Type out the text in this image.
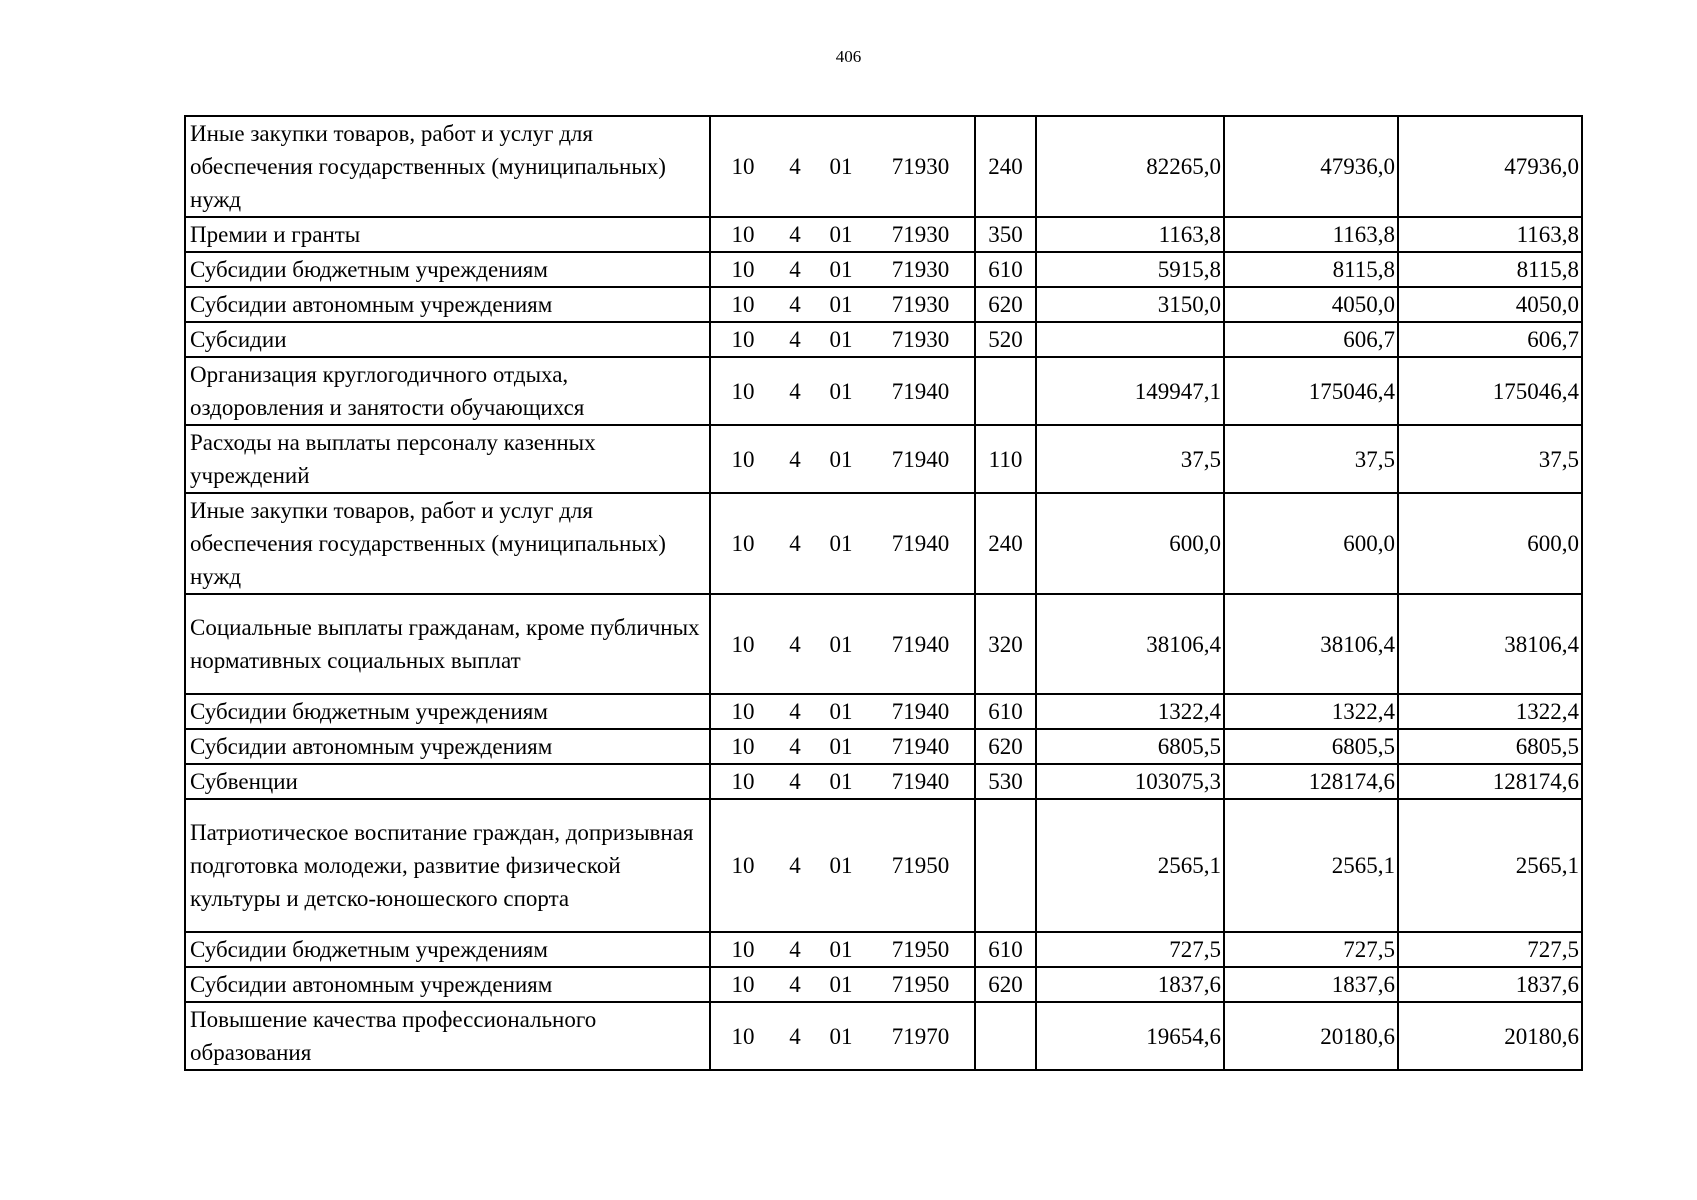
406
Иные закупки товаров, работ и услуг для обеспечения государственных (муниципальных) нужд	10 4 01 71930	240	82265,0	47936,0	47936,0
Премии и гранты	10 4 01 71930	350	1163,8	1163,8	1163,8
Субсидии бюджетным учреждениям	10 4 01 71930	610	5915,8	8115,8	8115,8
Субсидии автономным учреждениям	10 4 01 71930	620	3150,0	4050,0	4050,0
Субсидии	10 4 01 71930	520		606,7	606,7
Организация круглогодичного отдыха, оздоровления и занятости обучающихся	10 4 01 71940		149947,1	175046,4	175046,4
Расходы на выплаты персоналу казенных учреждений	10 4 01 71940	110	37,5	37,5	37,5
Иные закупки товаров, работ и услуг для обеспечения государственных (муниципальных) нужд	10 4 01 71940	240	600,0	600,0	600,0
Социальные выплаты гражданам, кроме публичных нормативных социальных выплат	10 4 01 71940	320	38106,4	38106,4	38106,4
Субсидии бюджетным учреждениям	10 4 01 71940	610	1322,4	1322,4	1322,4
Субсидии автономным учреждениям	10 4 01 71940	620	6805,5	6805,5	6805,5
Субвенции	10 4 01 71940	530	103075,3	128174,6	128174,6
Патриотическое воспитание граждан, допризывная подготовка молодежи, развитие физической культуры и детско-юношеского спорта	10 4 01 71950		2565,1	2565,1	2565,1
Субсидии бюджетным учреждениям	10 4 01 71950	610	727,5	727,5	727,5
Субсидии автономным учреждениям	10 4 01 71950	620	1837,6	1837,6	1837,6
Повышение качества профессионального образования	10 4 01 71970		19654,6	20180,6	20180,6
